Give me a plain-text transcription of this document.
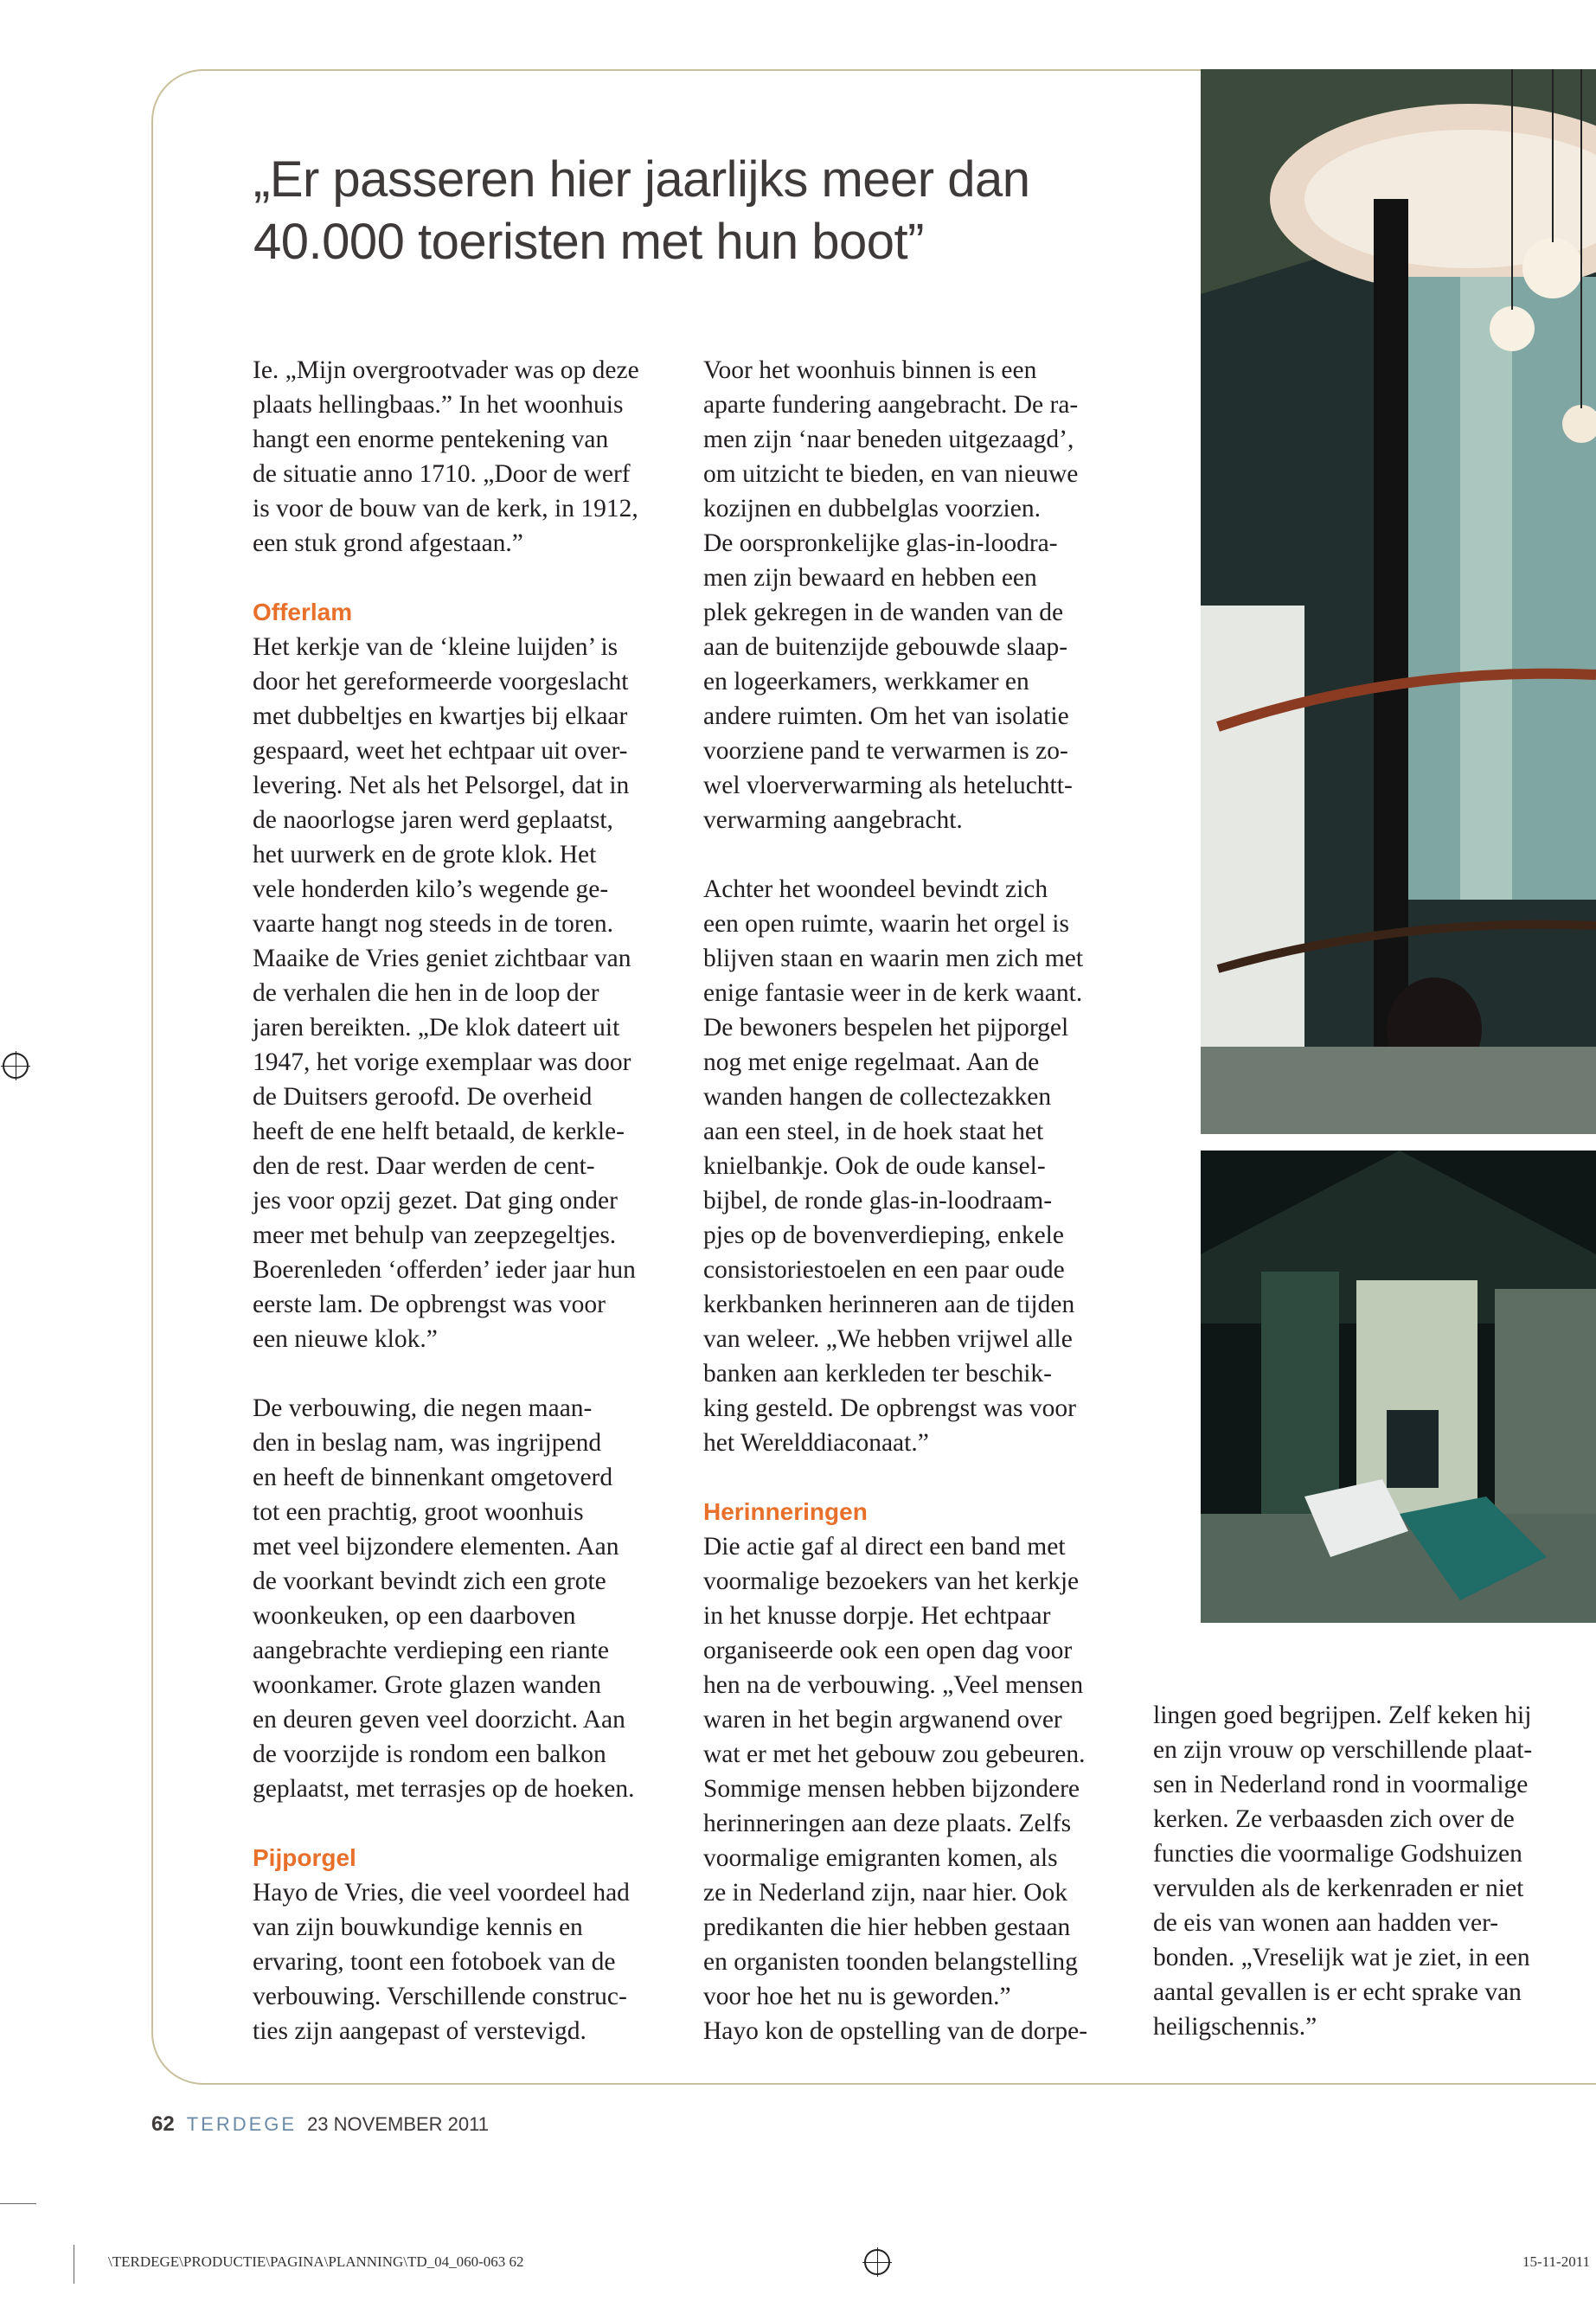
„Er passeren hier jaarlijks meer dan
40.000 toeristen met hun boot”
Ie. „Mijn overgrootvader was op deze
plaats hellingbaas.” In het woonhuis
hangt een enorme pentekening van
de situatie anno 1710. „Door de werf
is voor de bouw van de kerk, in 1912,
een stuk grond afgestaan.”
Offerlam
Het kerkje van de ‘kleine luijden’ is
door het gereformeerde voorgeslacht
met dubbeltjes en kwartjes bij elkaar
gespaard, weet het echtpaar uit over-
levering. Net als het Pelsorgel, dat in
de naoorlogse jaren werd geplaatst,
het uurwerk en de grote klok. Het
vele honderden kilo’s wegende ge-
vaarte hangt nog steeds in de toren.
Maaike de Vries geniet zichtbaar van
de verhalen die hen in de loop der
jaren bereikten. „De klok dateert uit
1947, het vorige exemplaar was door
de Duitsers geroofd. De overheid
heeft de ene helft betaald, de kerkle-
den de rest. Daar werden de cent-
jes voor opzij gezet. Dat ging onder
meer met behulp van zeepzegeltjes.
Boerenleden ‘offerden’ ieder jaar hun
eerste lam. De opbrengst was voor
een nieuwe klok.”
De verbouwing, die negen maan-
den in beslag nam, was ingrijpend
en heeft de binnenkant omgetoverd
tot een prachtig, groot woonhuis
met veel bijzondere elementen. Aan
de voorkant bevindt zich een grote
woonkeuken, op een daarboven
aangebrachte verdieping een riante
woonkamer. Grote glazen wanden
en deuren geven veel doorzicht. Aan
de voorzijde is rondom een balkon
geplaatst, met terrasjes op de hoeken.
Pijporgel
Hayo de Vries, die veel voordeel had
van zijn bouwkundige kennis en
ervaring, toont een fotoboek van de
verbouwing. Verschillende construc-
ties zijn aangepast of verstevigd.
Voor het woonhuis binnen is een
aparte fundering aangebracht. De ra-
men zijn ‘naar beneden uitgezaagd’,
om uitzicht te bieden, en van nieuwe
kozijnen en dubbelglas voorzien.
De oorspronkelijke glas-in-loodra-
men zijn bewaard en hebben een
plek gekregen in de wanden van de
aan de buitenzijde gebouwde slaap-
en logeerkamers, werkkamer en
andere ruimten. Om het van isolatie
voorziene pand te verwarmen is zo-
wel vloerverwarming als heteluchtt-
verwarming aangebracht.
Achter het woondeel bevindt zich
een open ruimte, waarin het orgel is
blijven staan en waarin men zich met
enige fantasie weer in de kerk waant.
De bewoners bespelen het pijporgel
nog met enige regelmaat. Aan de
wanden hangen de collectezakken
aan een steel, in de hoek staat het
knielbankje. Ook de oude kansel-
bijbel, de ronde glas-in-loodraam-
pjes op de bovenverdieping, enkele
consistoriestoelen en een paar oude
kerkbanken herinneren aan de tijden
van weleer. „We hebben vrijwel alle
banken aan kerkleden ter beschik-
king gesteld. De opbrengst was voor
het Werelddiaconaat.”
Herinneringen
Die actie gaf al direct een band met
voormalige bezoekers van het kerkje
in het knusse dorpje. Het echtpaar
organiseerde ook een open dag voor
hen na de verbouwing. „Veel mensen
waren in het begin argwanend over
wat er met het gebouw zou gebeuren.
Sommige mensen hebben bijzondere
herinneringen aan deze plaats. Zelfs
voormalige emigranten komen, als
ze in Nederland zijn, naar hier. Ook
predikanten die hier hebben gestaan
en organisten toonden belangstelling
voor hoe het nu is geworden.”
Hayo kon de opstelling van de dorpe-
lingen goed begrijpen. Zelf keken hij
en zijn vrouw op verschillende plaat-
sen in Nederland rond in voormalige
kerken. Ze verbaasden zich over de
functies die voormalige Godshuizen
vervulden als de kerkenraden er niet
de eis van wonen aan hadden ver-
bonden. „Vreselijk wat je ziet, in een
aantal gevallen is er echt sprake van
heiligschennis.”
62 TERDEGE 23 NOVEMBER 2011
\TERDEGE\PRODUCTIE\PAGINA\PLANNING\TD_04_060-063 62	15-11-2011
